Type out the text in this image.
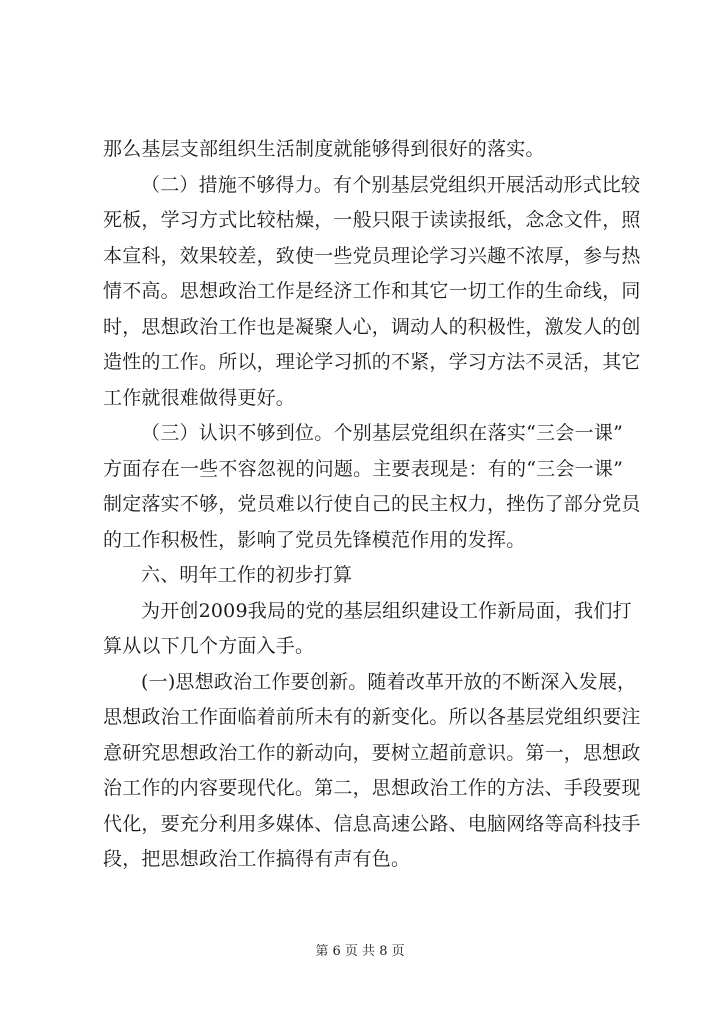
那么基层支部组织生活制度就能够得到很好的落实。
（二）措施不够得力。有个别基层党组织开展活动形式比较
死板，学习方式比较枯燥，一般只限于读读报纸，念念文件，照
本宣科，效果较差，致使一些党员理论学习兴趣不浓厚，参与热
情不高。思想政治工作是经济工作和其它一切工作的生命线，同
时，思想政治工作也是凝聚人心，调动人的积极性，激发人的创
造性的工作。所以，理论学习抓的不紧，学习方法不灵活，其它
工作就很难做得更好。
（三）认识不够到位。个别基层党组织在落实“三会一课”
方面存在一些不容忽视的问题。主要表现是：有的“三会一课”
制定落实不够，党员难以行使自己的民主权力，挫伤了部分党员
的工作积极性，影响了党员先锋模范作用的发挥。
六、明年工作的初步打算
为开创2009我局的党的基层组织建设工作新局面，我们打
算从以下几个方面入手。
(一)思想政治工作要创新。随着改革开放的不断深入发展，
思想政治工作面临着前所未有的新变化。所以各基层党组织要注
意研究思想政治工作的新动向，要树立超前意识。第一，思想政
治工作的内容要现代化。第二，思想政治工作的方法、手段要现
代化，要充分利用多媒体、信息高速公路、电脑网络等高科技手
段，把思想政治工作搞得有声有色。
第 6 页 共 8 页
